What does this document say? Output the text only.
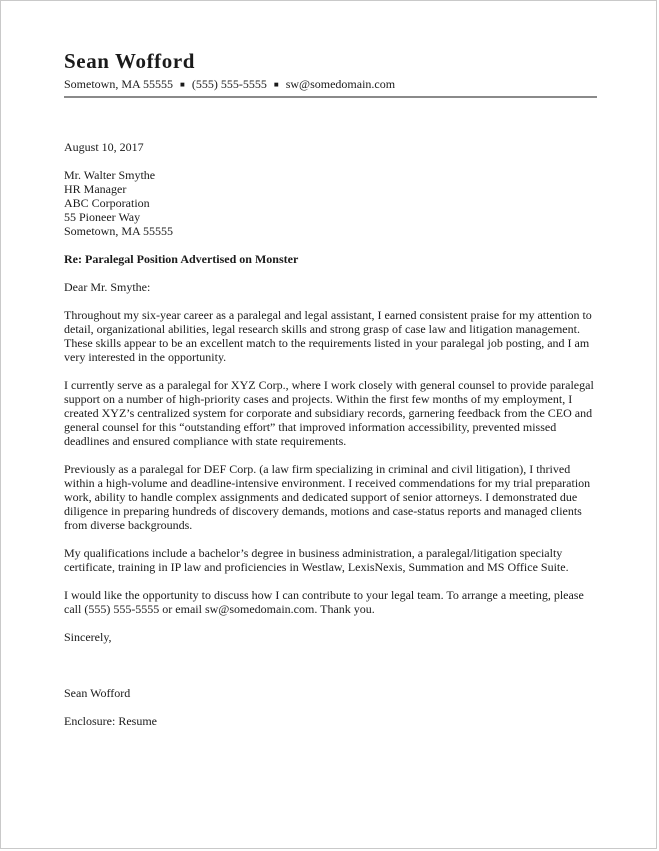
Sean Wofford
Sometown, MA 55555 ■ (555) 555-5555 ■ sw@somedomain.com
August 10, 2017
Mr. Walter Smythe
HR Manager
ABC Corporation
55 Pioneer Way
Sometown, MA 55555
Re: Paralegal Position Advertised on Monster
Dear Mr. Smythe:
Throughout my six-year career as a paralegal and legal assistant, I earned consistent praise for my attention to detail, organizational abilities, legal research skills and strong grasp of case law and litigation management. These skills appear to be an excellent match to the requirements listed in your paralegal job posting, and I am very interested in the opportunity.
I currently serve as a paralegal for XYZ Corp., where I work closely with general counsel to provide paralegal support on a number of high-priority cases and projects. Within the first few months of my employment, I created XYZ’s centralized system for corporate and subsidiary records, garnering feedback from the CEO and general counsel for this “outstanding effort” that improved information accessibility, prevented missed deadlines and ensured compliance with state requirements.
Previously as a paralegal for DEF Corp. (a law firm specializing in criminal and civil litigation), I thrived within a high-volume and deadline-intensive environment. I received commendations for my trial preparation work, ability to handle complex assignments and dedicated support of senior attorneys. I demonstrated due diligence in preparing hundreds of discovery demands, motions and case-status reports and managed clients from diverse backgrounds.
My qualifications include a bachelor’s degree in business administration, a paralegal/litigation specialty certificate, training in IP law and proficiencies in Westlaw, LexisNexis, Summation and MS Office Suite.
I would like the opportunity to discuss how I can contribute to your legal team. To arrange a meeting, please call (555) 555-5555 or email sw@somedomain.com. Thank you.
Sincerely,
Sean Wofford
Enclosure: Resume
